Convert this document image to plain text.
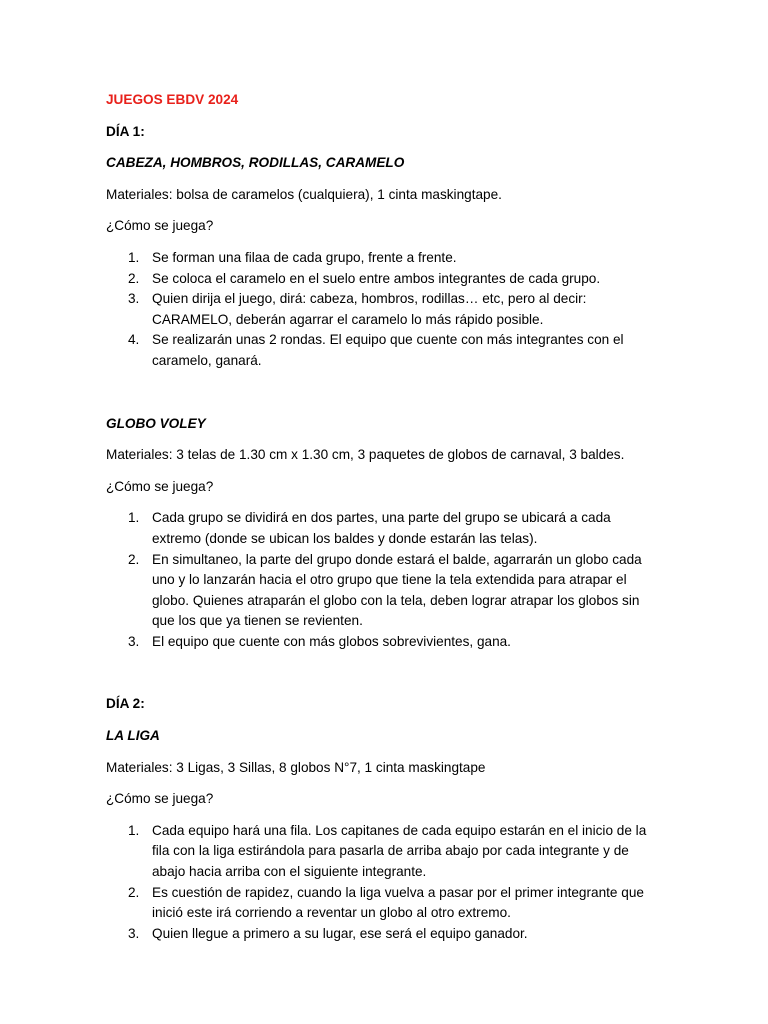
JUEGOS EBDV 2024

DÍA 1:

CABEZA, HOMBROS, RODILLAS, CARAMELO

Materiales: bolsa de caramelos (cualquiera), 1 cinta maskingtape.

¿Cómo se juega?

1. Se forman una filaa de cada grupo, frente a frente.
2. Se coloca el caramelo en el suelo entre ambos integrantes de cada grupo.
3. Quien dirija el juego, dirá: cabeza, hombros, rodillas… etc, pero al decir: CARAMELO, deberán agarrar el caramelo lo más rápido posible.
4. Se realizarán unas 2 rondas. El equipo que cuente con más integrantes con el caramelo, ganará.

GLOBO VOLEY

Materiales: 3 telas de 1.30 cm x 1.30 cm, 3 paquetes de globos de carnaval, 3 baldes.

¿Cómo se juega?

1. Cada grupo se dividirá en dos partes, una parte del grupo se ubicará a cada extremo (donde se ubican los baldes y donde estarán las telas).
2. En simultaneo, la parte del grupo donde estará el balde, agarrarán un globo cada uno y lo lanzarán hacia el otro grupo que tiene la tela extendida para atrapar el globo. Quienes atraparán el globo con la tela, deben lograr atrapar los globos sin que los que ya tienen se revienten.
3. El equipo que cuente con más globos sobrevivientes, gana.

DÍA 2:

LA LIGA

Materiales: 3 Ligas, 3 Sillas, 8 globos N°7, 1 cinta maskingtape

¿Cómo se juega?

1. Cada equipo hará una fila. Los capitanes de cada equipo estarán en el inicio de la fila con la liga estirándola para pasarla de arriba abajo por cada integrante y de abajo hacia arriba con el siguiente integrante.
2. Es cuestión de rapidez, cuando la liga vuelva a pasar por el primer integrante que inició este irá corriendo a reventar un globo al otro extremo.
3. Quien llegue a primero a su lugar, ese será el equipo ganador.
